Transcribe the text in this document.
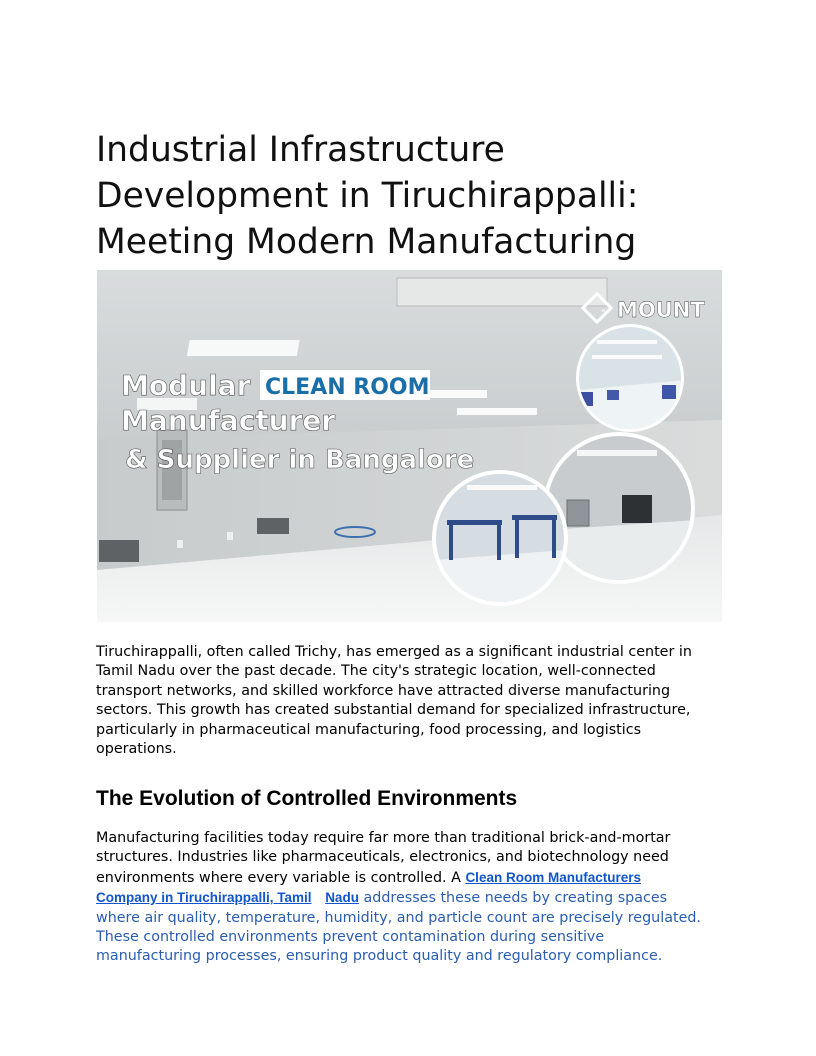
Industrial Infrastructure
Development in Tiruchirappalli:
Meeting Modern Manufacturing
« MOUNT
Modular CLEAN ROOM
Manufacturer
& Supplier in Bangalore

Tiruchirappalli, often called Trichy, has emerged as a significant industrial center in
Tamil Nadu over the past decade. The city's strategic location, well-connected
transport networks, and skilled workforce have attracted diverse manufacturing
sectors. This growth has created substantial demand for specialized infrastructure,
particularly in pharmaceutical manufacturing, food processing, and logistics
operations.

The Evolution of Controlled Environments

Manufacturing facilities today require far more than traditional brick-and-mortar
structures. Industries like pharmaceuticals, electronics, and biotechnology need
environments where every variable is controlled. A Clean Room Manufacturers
Company in Tiruchirappalli, Tamil Nadu addresses these needs by creating spaces
where air quality, temperature, humidity, and particle count are precisely regulated.
These controlled environments prevent contamination during sensitive
manufacturing processes, ensuring product quality and regulatory compliance.
